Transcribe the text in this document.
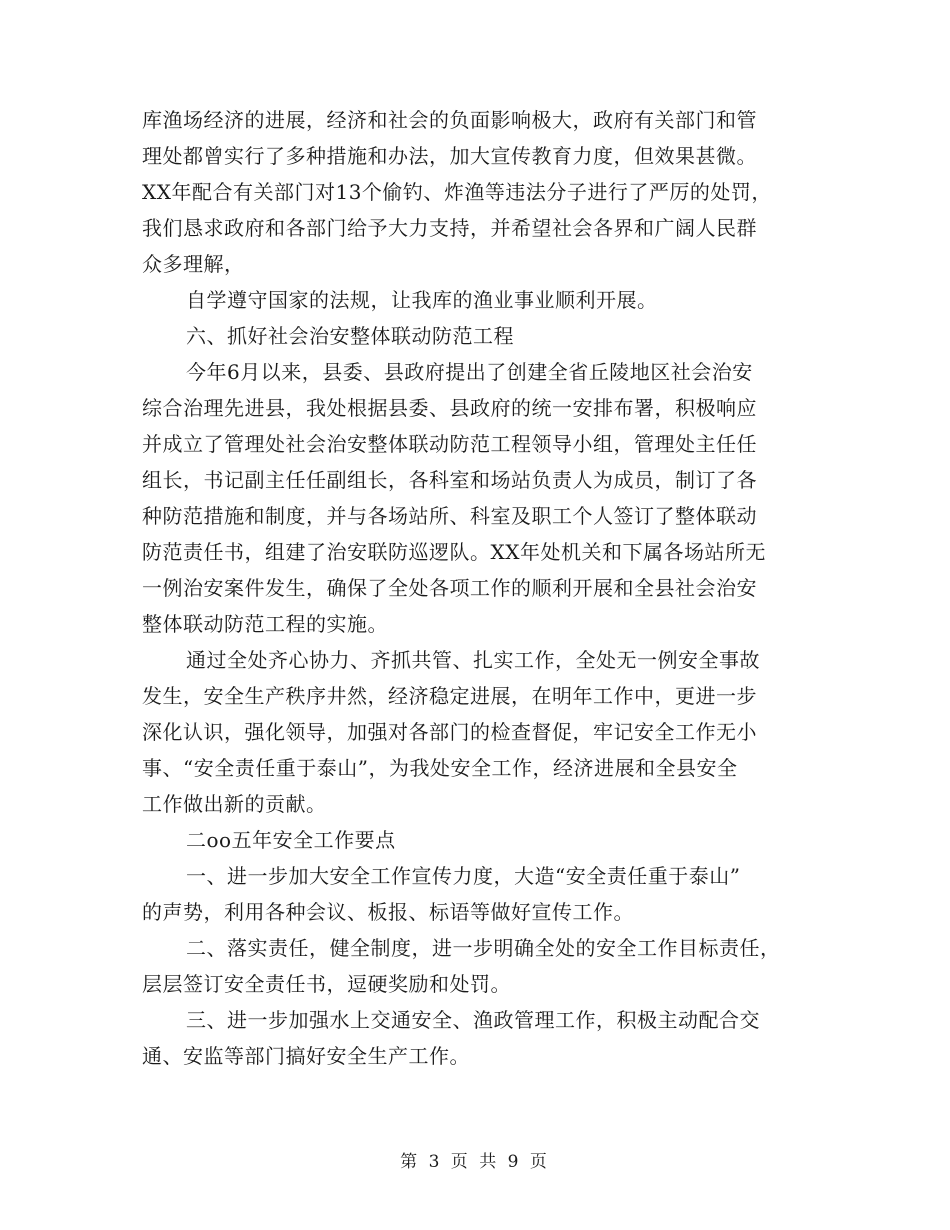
库渔场经济的进展，经济和社会的负面影响极大，政府有关部门和管
理处都曾实行了多种措施和办法，加大宣传教育力度，但效果甚微。
XX年配合有关部门对13个偷钓、炸渔等违法分子进行了严厉的处罚，
我们恳求政府和各部门给予大力支持，并希望社会各界和广阔人民群
众多理解，
自学遵守国家的法规，让我库的渔业事业顺利开展。
六、抓好社会治安整体联动防范工程
今年6月以来，县委、县政府提出了创建全省丘陵地区社会治安
综合治理先进县，我处根据县委、县政府的统一安排布署，积极响应
并成立了管理处社会治安整体联动防范工程领导小组，管理处主任任
组长，书记副主任任副组长，各科室和场站负责人为成员，制订了各
种防范措施和制度，并与各场站所、科室及职工个人签订了整体联动
防范责任书，组建了治安联防巡逻队。XX年处机关和下属各场站所无
一例治安案件发生，确保了全处各项工作的顺利开展和全县社会治安
整体联动防范工程的实施。
通过全处齐心协力、齐抓共管、扎实工作，全处无一例安全事故
发生，安全生产秩序井然，经济稳定进展，在明年工作中，更进一步
深化认识，强化领导，加强对各部门的检查督促，牢记安全工作无小
事、“安全责任重于泰山”，为我处安全工作，经济进展和全县安全
工作做出新的贡献。
二oo五年安全工作要点
一、进一步加大安全工作宣传力度，大造“安全责任重于泰山”
的声势，利用各种会议、板报、标语等做好宣传工作。
二、落实责任，健全制度，进一步明确全处的安全工作目标责任，
层层签订安全责任书，逗硬奖励和处罚。
三、进一步加强水上交通安全、渔政管理工作，积极主动配合交
通、安监等部门搞好安全生产工作。
第 3 页 共 9 页
